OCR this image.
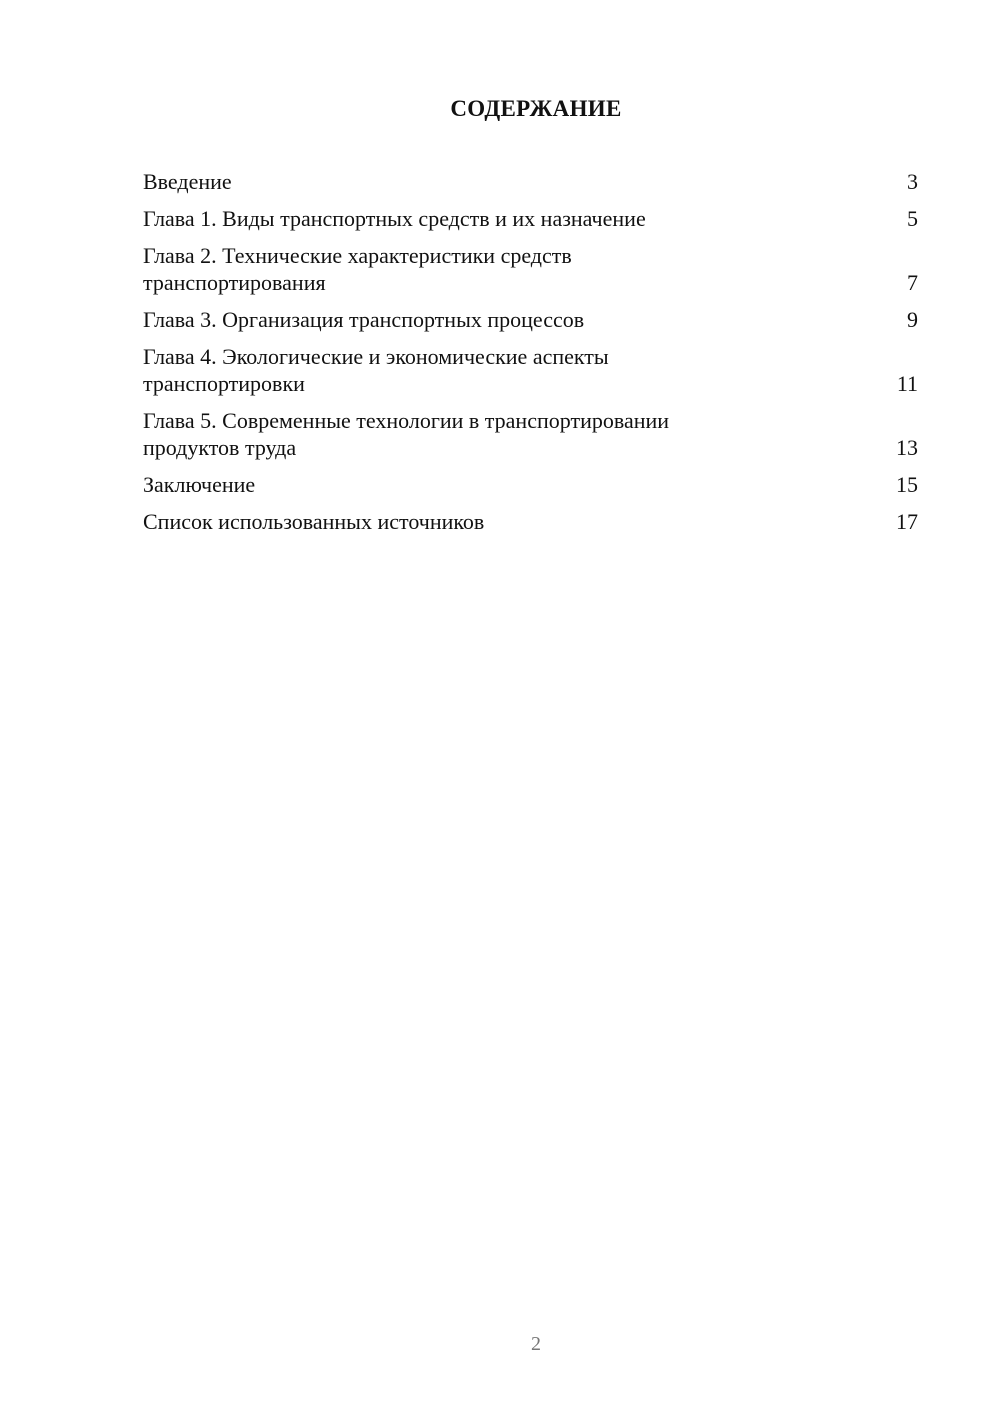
СОДЕРЖАНИЕ
Введение	3
Глава 1. Виды транспортных средств и их назначение	5
Глава 2. Технические характеристики средств
транспортирования	7
Глава 3. Организация транспортных процессов	9
Глава 4. Экологические и экономические аспекты
транспортировки	11
Глава 5. Современные технологии в транспортировании
продуктов труда	13
Заключение	15
Список использованных источников	17
2
